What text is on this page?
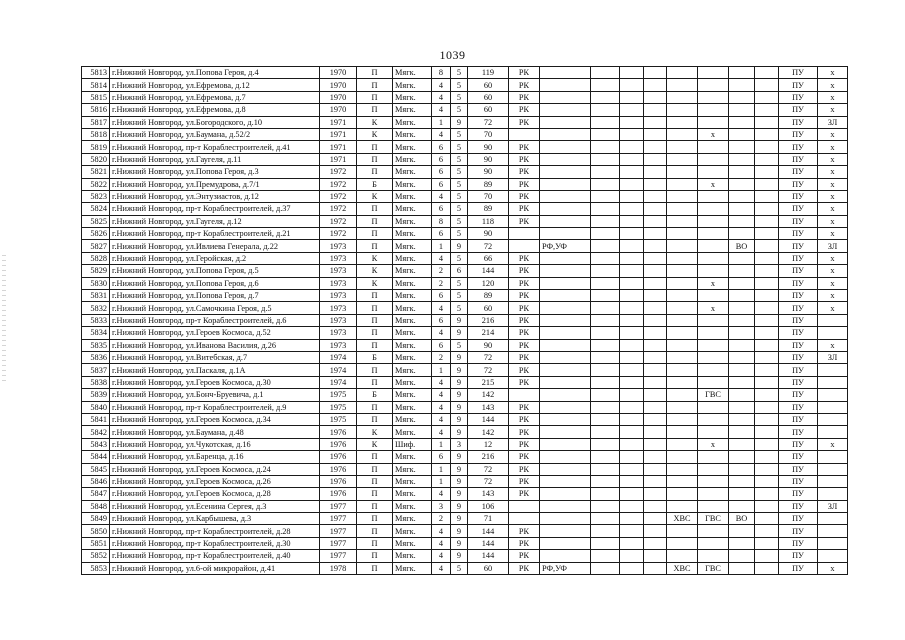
1039
5813	г.Нижний Новгород, ул.Попова Героя, д.4	1970	П	Мягк.	8	5	119	РК									ПУ	х
5814	г.Нижний Новгород, ул.Ефремова, д.12	1970	П	Мягк.	4	5	60	РК									ПУ	х
5815	г.Нижний Новгород, ул.Ефремова, д.7	1970	П	Мягк.	4	5	60	РК									ПУ	х
5816	г.Нижний Новгород, ул.Ефремова, д.8	1970	П	Мягк.	4	5	60	РК									ПУ	х
5817	г.Нижний Новгород, ул.Богородского, д.10	1971	К	Мягк.	1	9	72	РК									ПУ	ЗЛ
5818	г.Нижний Новгород, ул.Баумана, д.52/2	1971	К	Мягк.	4	5	70							х			ПУ	х
5819	г.Нижний Новгород, пр-т Кораблестроителей, д.41	1971	П	Мягк.	6	5	90	РК									ПУ	х
5820	г.Нижний Новгород, ул.Гаугеля, д.11	1971	П	Мягк.	6	5	90	РК									ПУ	х
5821	г.Нижний Новгород, ул.Попова Героя, д.3	1972	П	Мягк.	6	5	90	РК									ПУ	х
5822	г.Нижний Новгород, ул.Премудрова, д.7/1	1972	Б	Мягк.	6	5	89	РК						х			ПУ	х
5823	г.Нижний Новгород, ул.Энтузиастов, д.12	1972	К	Мягк.	4	5	70	РК									ПУ	х
5824	г.Нижний Новгород, пр-т Кораблестроителей, д.37	1972	П	Мягк.	6	5	89	РК									ПУ	х
5825	г.Нижний Новгород, ул.Гаугеля, д.12	1972	П	Мягк.	8	5	118	РК									ПУ	х
5826	г.Нижний Новгород, пр-т Кораблестроителей, д.21	1972	П	Мягк.	6	5	90										ПУ	х
5827	г.Нижний Новгород, ул.Ивлиева Генерала, д.22	1973	П	Мягк.	1	9	72		РФ,УФ						ВО		ПУ	ЗЛ
5828	г.Нижний Новгород, ул.Геройская, д.2	1973	К	Мягк.	4	5	66	РК									ПУ	х
5829	г.Нижний Новгород, ул.Попова Героя, д.5	1973	К	Мягк.	2	6	144	РК									ПУ	х
5830	г.Нижний Новгород, ул.Попова Героя, д.6	1973	К	Мягк.	2	5	120	РК						х			ПУ	х
5831	г.Нижний Новгород, ул.Попова Героя, д.7	1973	П	Мягк.	6	5	89	РК									ПУ	х
5832	г.Нижний Новгород, ул.Самочкина Героя, д.5	1973	П	Мягк.	4	5	60	РК						х			ПУ	х
5833	г.Нижний Новгород, пр-т Кораблестроителей, д.6	1973	П	Мягк.	6	9	216	РК									ПУ	
5834	г.Нижний Новгород, ул.Героев Космоса, д.52	1973	П	Мягк.	4	9	214	РК									ПУ	
5835	г.Нижний Новгород, ул.Иванова Василия, д.26	1973	П	Мягк.	6	5	90	РК									ПУ	х
5836	г.Нижний Новгород, ул.Витебская, д.7	1974	Б	Мягк.	2	9	72	РК									ПУ	ЗЛ
5837	г.Нижний Новгород, ул.Паскаля, д.1А	1974	П	Мягк.	1	9	72	РК									ПУ	
5838	г.Нижний Новгород, ул.Героев Космоса, д.30	1974	П	Мягк.	4	9	215	РК									ПУ	
5839	г.Нижний Новгород, ул.Бонч-Бруевича, д.1	1975	Б	Мягк.	4	9	142							ГВС			ПУ	
5840	г.Нижний Новгород, пр-т Кораблестроителей, д.9	1975	П	Мягк.	4	9	143	РК									ПУ	
5841	г.Нижний Новгород, ул.Героев Космоса, д.34	1975	П	Мягк.	4	9	144	РК									ПУ	
5842	г.Нижний Новгород, ул.Баумана, д.48	1976	К	Мягк.	4	9	142	РК									ПУ	
5843	г.Нижний Новгород, ул.Чукотская, д.16	1976	К	Шиф.	1	3	12	РК						х			ПУ	х
5844	г.Нижний Новгород, ул.Баренца, д.16	1976	П	Мягк.	6	9	216	РК									ПУ	
5845	г.Нижний Новгород, ул.Героев Космоса, д.24	1976	П	Мягк.	1	9	72	РК									ПУ	
5846	г.Нижний Новгород, ул.Героев Космоса, д.26	1976	П	Мягк.	1	9	72	РК									ПУ	
5847	г.Нижний Новгород, ул.Героев Космоса, д.28	1976	П	Мягк.	4	9	143	РК									ПУ	
5848	г.Нижний Новгород, ул.Есенина Сергея, д.3	1977	П	Мягк.	3	9	106										ПУ	ЗЛ
5849	г.Нижний Новгород, ул.Карбышева, д.3	1977	П	Мягк.	2	9	71						ХВС	ГВС	ВО		ПУ	
5850	г.Нижний Новгород, пр-т Кораблестроителей, д.28	1977	П	Мягк.	4	9	144	РК									ПУ	
5851	г.Нижний Новгород, пр-т Кораблестроителей, д.30	1977	П	Мягк.	4	9	144	РК									ПУ	
5852	г.Нижний Новгород, пр-т Кораблестроителей, д.40	1977	П	Мягк.	4	9	144	РК									ПУ	
5853	г.Нижний Новгород, ул.6-ой микрорайон, д.41	1978	П	Мягк.	4	5	60	РК	РФ,УФ				ХВС	ГВС			ПУ	х
